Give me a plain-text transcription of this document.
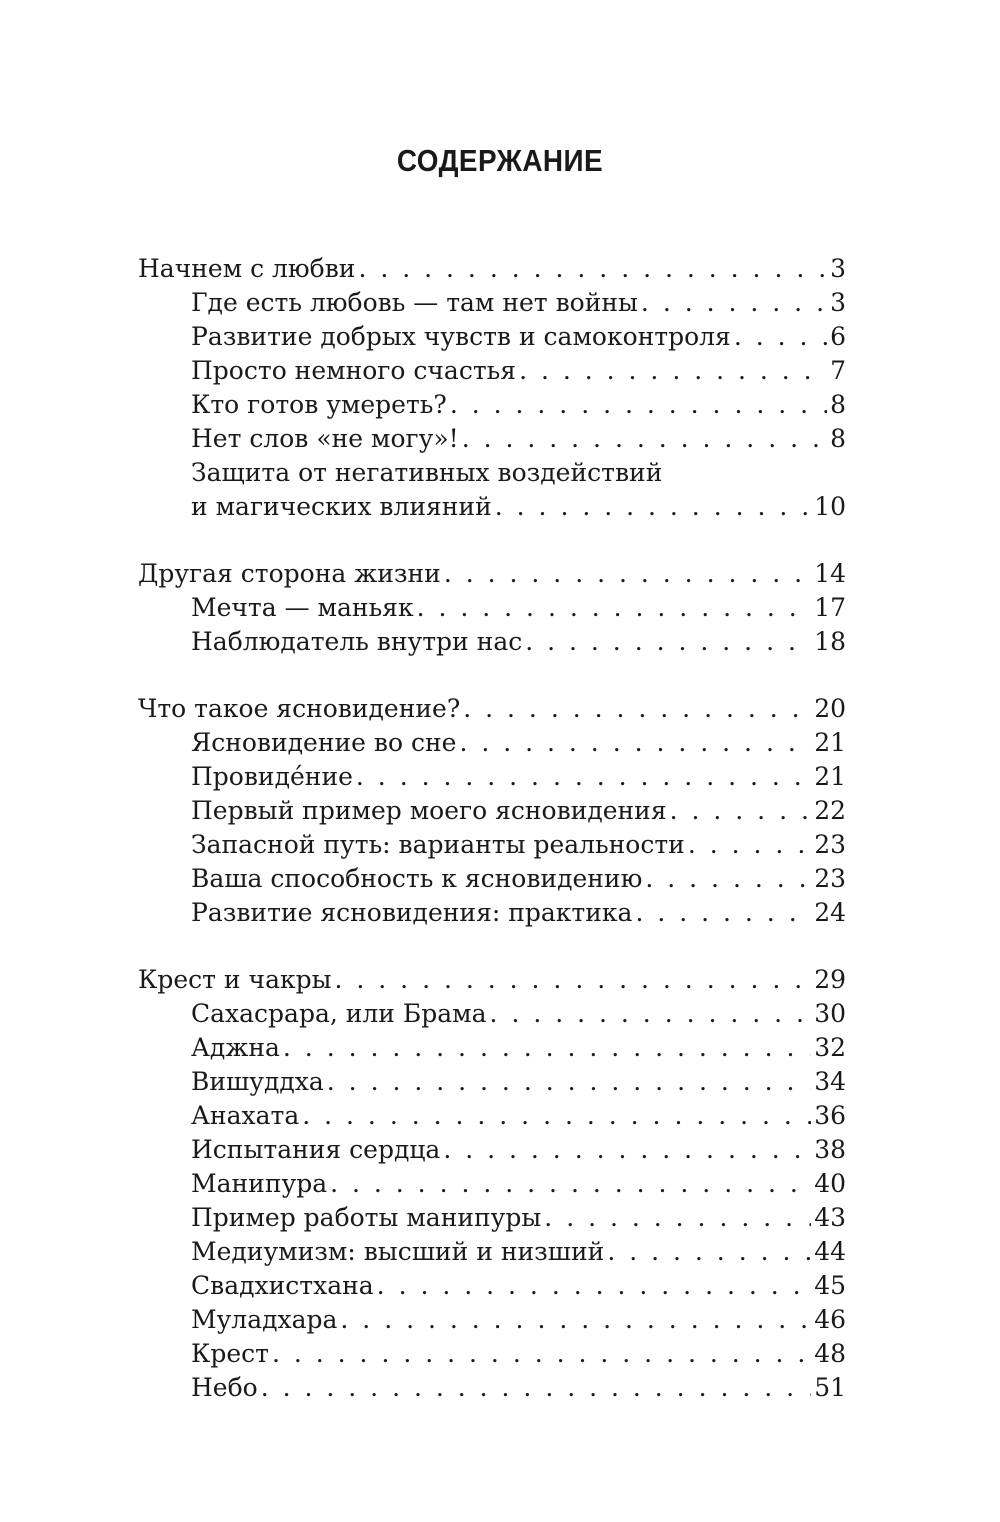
СОДЕРЖАНИЕ
Начнем с любви . . .	3
Где есть любовь — там нет войны . . .	3
Развитие добрых чувств и самоконтроля . . .	6
Просто немного счастья . . .	7
Кто готов умереть? . . .	8
Нет слов «не могу»! . . .	8
Защита от негативных воздействий
и магических влияний . . .	10
Другая сторона жизни . . .	14
Мечта — маньяк . . .	17
Наблюдатель внутри нас . . .	18
Что такое ясновидение? . . .	20
Ясновидение во сне . . .	21
Провиде́ние . . .	21
Первый пример моего ясновидения . . .	22
Запасной путь: варианты реальности . . .	23
Ваша способность к ясновидению . . .	23
Развитие ясновидения: практика . . .	24
Крест и чакры . . .	29
Сахасрара, или Брама . . .	30
Аджна . . .	32
Вишуддха . . .	34
Анахата . . .	36
Испытания сердца . . .	38
Манипура . . .	40
Пример работы манипуры . . .	43
Медиумизм: высший и низший . . .	44
Свадхистхана . . .	45
Муладхара . . .	46
Крест . . .	48
Небо . . .	51
